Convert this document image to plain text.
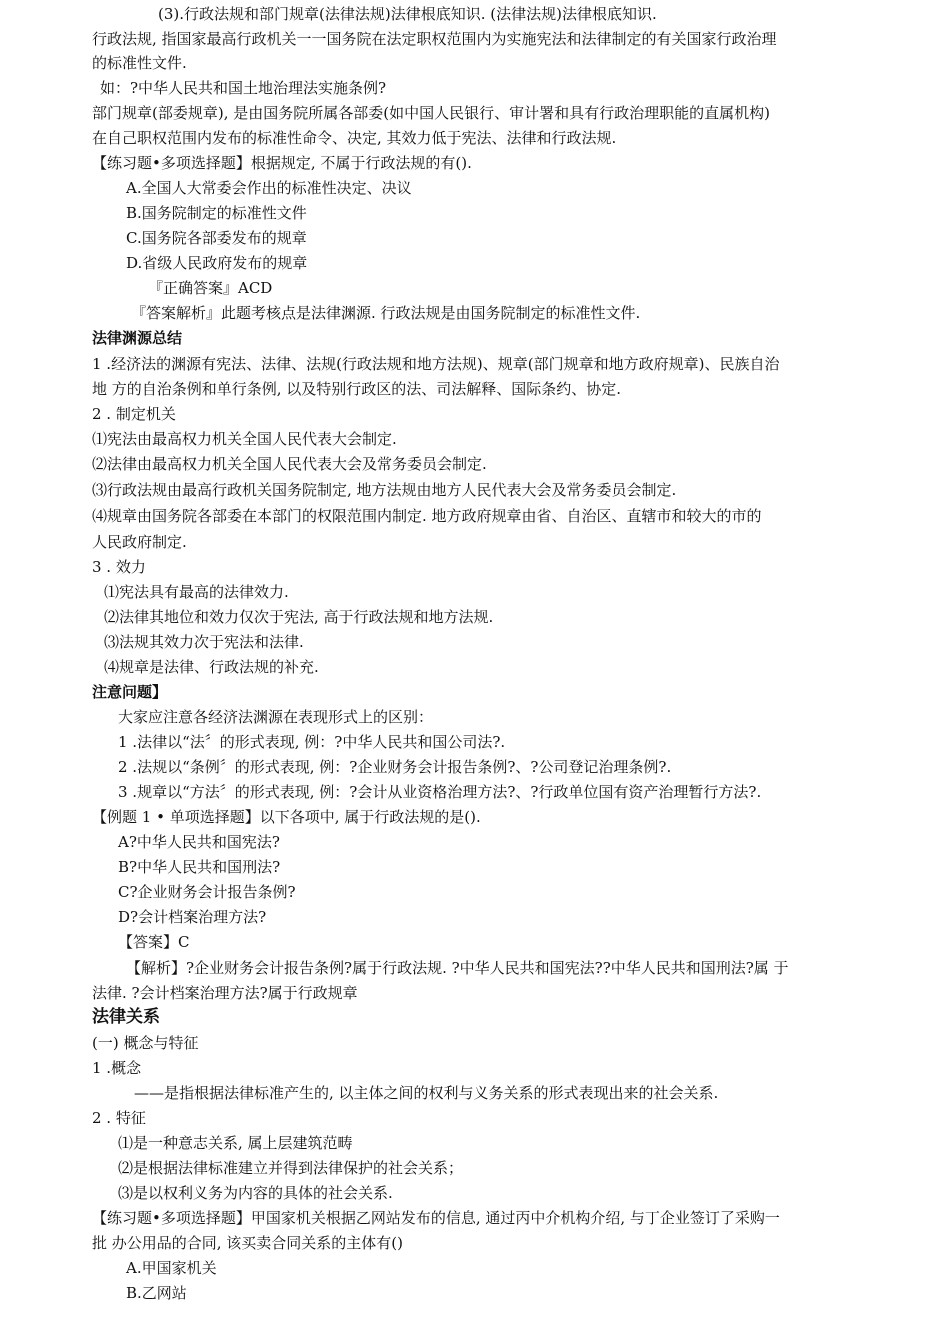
(3).行政法规和部门规章(法律法规)法律根底知识. (法律法规)法律根底知识.
行政法规, 指国家最高行政机关一一国务院在法定职权范围内为实施宪法和法律制定的有关国家行政治理
的标准性文件.
如：?中华人民共和国土地治理法实施条例?
部门规章(部委规章), 是由国务院所属各部委(如中国人民银行、审计署和具有行政治理职能的直属机构)
在自己职权范围内发布的标准性命令、决定, 其效力低于宪法、法律和行政法规.
【练习题•多项选择题】根据规定, 不属于行政法规的有().
A.全国人大常委会作出的标准性决定、决议
B.国务院制定的标准性文件
C.国务院各部委发布的规章
D.省级人民政府发布的规章
『正确答案』ACD
『答案解析』此题考核点是法律渊源. 行政法规是由国务院制定的标准性文件.
法律渊源总结
1 .经济法的渊源有宪法、法律、法规(行政法规和地方法规)、规章(部门规章和地方政府规章)、民族自治
地 方的自治条例和单行条例, 以及特别行政区的法、司法解释、国际条约、协定.
2 . 制定机关
⑴宪法由最高权力机关全国人民代表大会制定.
⑵法律由最高权力机关全国人民代表大会及常务委员会制定.
⑶行政法规由最高行政机关国务院制定, 地方法规由地方人民代表大会及常务委员会制定.
⑷规章由国务院各部委在本部门的权限范围内制定. 地方政府规章由省、自治区、直辖市和较大的市的
人民政府制定.
3 . 效力
⑴宪法具有最高的法律效力.
⑵法律其地位和效力仅次于宪法, 高于行政法规和地方法规.
⑶法规其效力次于宪法和法律.
⑷规章是法律、行政法规的补充.
注意问题】
大家应注意各经济法渊源在表现形式上的区别：
1 .法律以“法〞的形式表现, 例：?中华人民共和国公司法?.
2 .法规以“条例〞的形式表现, 例：?企业财务会计报告条例?、?公司登记治理条例?.
3 .规章以“方法〞的形式表现, 例：?会计从业资格治理方法?、?行政单位国有资产治理暂行方法?.
【例题 1 • 单项选择题】以下各项中, 属于行政法规的是().
A?中华人民共和国宪法?
B?中华人民共和国刑法?
C?企业财务会计报告条例?
D?会计档案治理方法?
【答案】C
【解析】?企业财务会计报告条例?属于行政法规. ?中华人民共和国宪法??中华人民共和国刑法?属 于
法律. ?会计档案治理方法?属于行政规章
法律关系
(一) 概念与特征
1 .概念
——是指根据法律标准产生的, 以主体之间的权利与义务关系的形式表现出来的社会关系.
2 . 特征
⑴是一种意志关系, 属上层建筑范畴
⑵是根据法律标准建立并得到法律保护的社会关系；
⑶是以权利义务为内容的具体的社会关系.
【练习题•多项选择题】甲国家机关根据乙网站发布的信息, 通过丙中介机构介绍, 与丁企业签订了采购一
批 办公用品的合同, 该买卖合同关系的主体有()
A.甲国家机关
B.乙网站
